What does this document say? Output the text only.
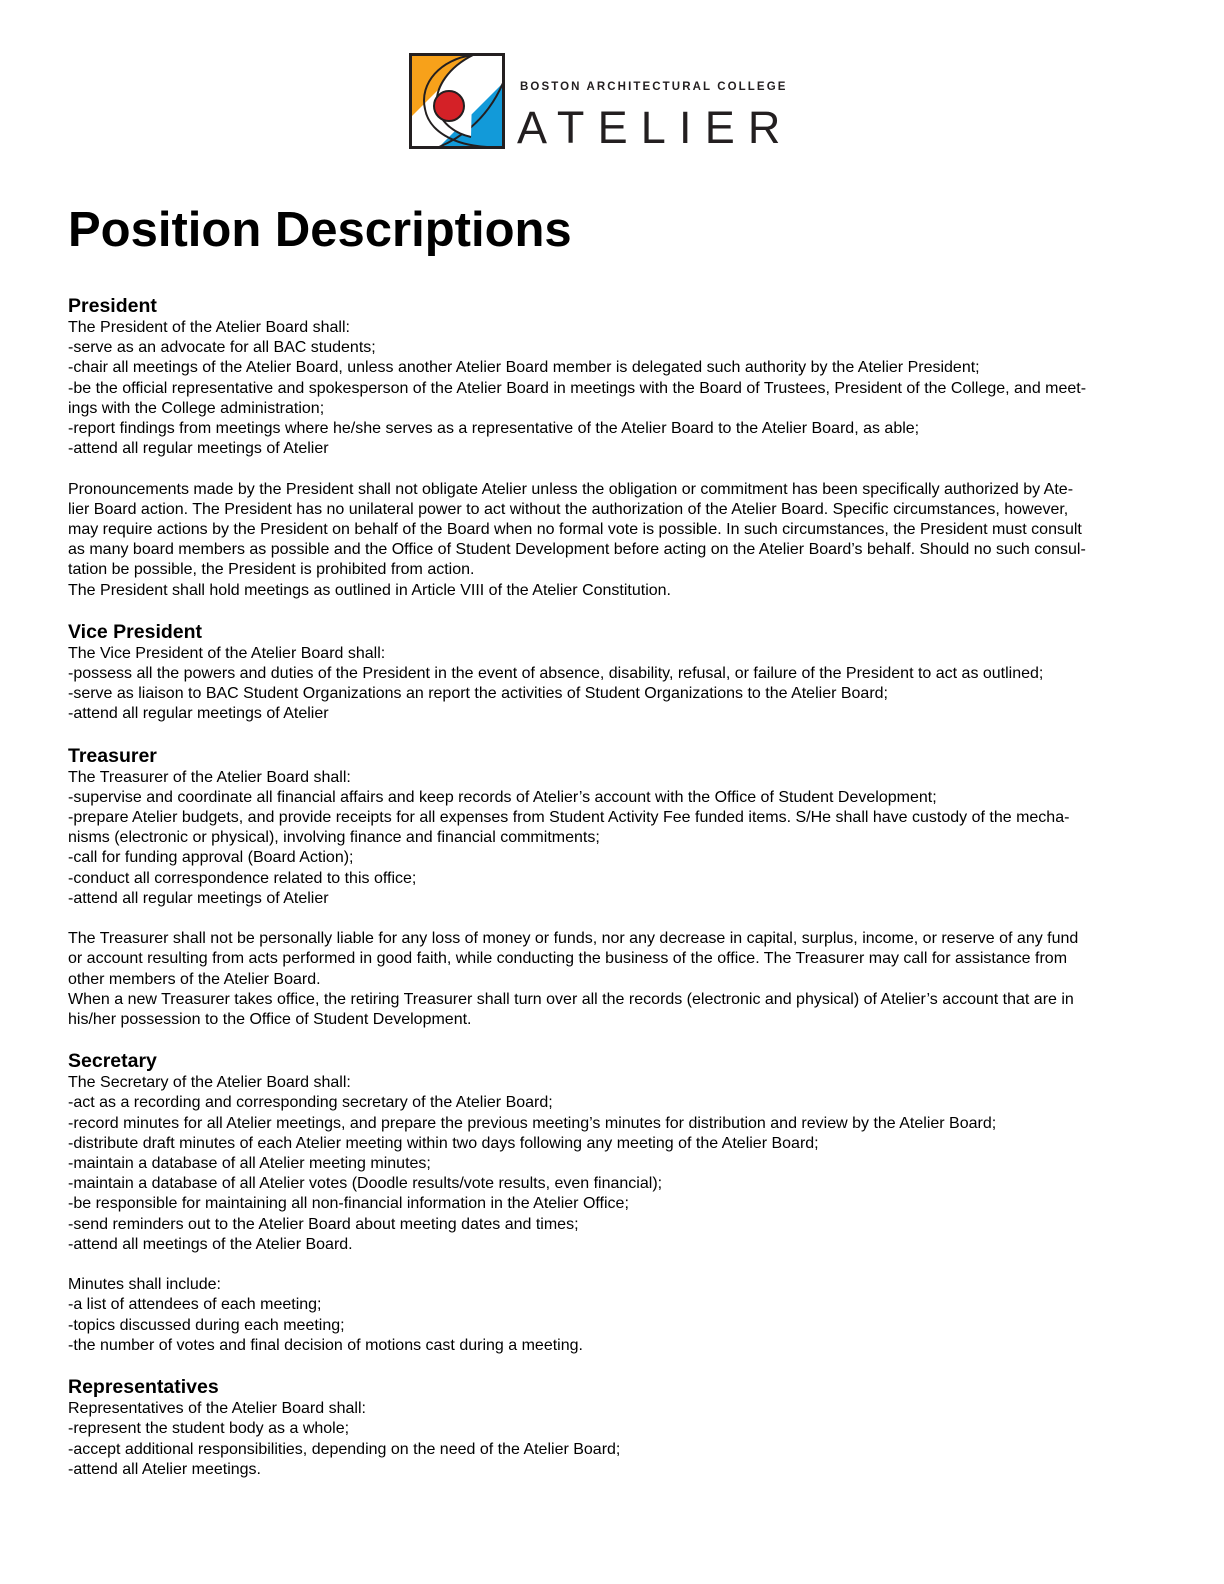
BOSTON ARCHITECTURAL COLLEGE
ATELIER
Position Descriptions
President
The President of the Atelier Board shall:
-serve as an advocate for all BAC students;
-chair all meetings of the Atelier Board, unless another Atelier Board member is delegated such authority by the Atelier President;
-be the official representative and spokesperson of the Atelier Board in meetings with the Board of Trustees, President of the College, and meet-
ings with the College administration;
-report findings from meetings where he/she serves as a representative of the Atelier Board to the Atelier Board, as able;
-attend all regular meetings of Atelier
Pronouncements made by the President shall not obligate Atelier unless the obligation or commitment has been specifically authorized by Ate-
lier Board action. The President has no unilateral power to act without the authorization of the Atelier Board. Specific circumstances, however,
may require actions by the President on behalf of the Board when no formal vote is possible. In such circumstances, the President must consult
as many board members as possible and the Office of Student Development before acting on the Atelier Board’s behalf. Should no such consul-
tation be possible, the President is prohibited from action.
The President shall hold meetings as outlined in Article VIII of the Atelier Constitution.
Vice President
The Vice President of the Atelier Board shall:
-possess all the powers and duties of the President in the event of absence, disability, refusal, or failure of the President to act as outlined;
-serve as liaison to BAC Student Organizations an report the activities of Student Organizations to the Atelier Board;
-attend all regular meetings of Atelier
Treasurer
The Treasurer of the Atelier Board shall:
-supervise and coordinate all financial affairs and keep records of Atelier’s account with the Office of Student Development;
-prepare Atelier budgets, and provide receipts for all expenses from Student Activity Fee funded items. S/He shall have custody of the mecha-
nisms (electronic or physical), involving finance and financial commitments;
-call for funding approval (Board Action);
-conduct all correspondence related to this office;
-attend all regular meetings of Atelier
The Treasurer shall not be personally liable for any loss of money or funds, nor any decrease in capital, surplus, income, or reserve of any fund
or account resulting from acts performed in good faith, while conducting the business of the office. The Treasurer may call for assistance from
other members of the Atelier Board.
When a new Treasurer takes office, the retiring Treasurer shall turn over all the records (electronic and physical) of Atelier’s account that are in
his/her possession to the Office of Student Development.
Secretary
The Secretary of the Atelier Board shall:
-act as a recording and corresponding secretary of the Atelier Board;
-record minutes for all Atelier meetings, and prepare the previous meeting’s minutes for distribution and review by the Atelier Board;
-distribute draft minutes of each Atelier meeting within two days following any meeting of the Atelier Board;
-maintain a database of all Atelier meeting minutes;
-maintain a database of all Atelier votes (Doodle results/vote results, even financial);
-be responsible for maintaining all non-financial information in the Atelier Office;
-send reminders out to the Atelier Board about meeting dates and times;
-attend all meetings of the Atelier Board.
Minutes shall include:
-a list of attendees of each meeting;
-topics discussed during each meeting;
-the number of votes and final decision of motions cast during a meeting.
Representatives
Representatives of the Atelier Board shall:
-represent the student body as a whole;
-accept additional responsibilities, depending on the need of the Atelier Board;
-attend all Atelier meetings.
